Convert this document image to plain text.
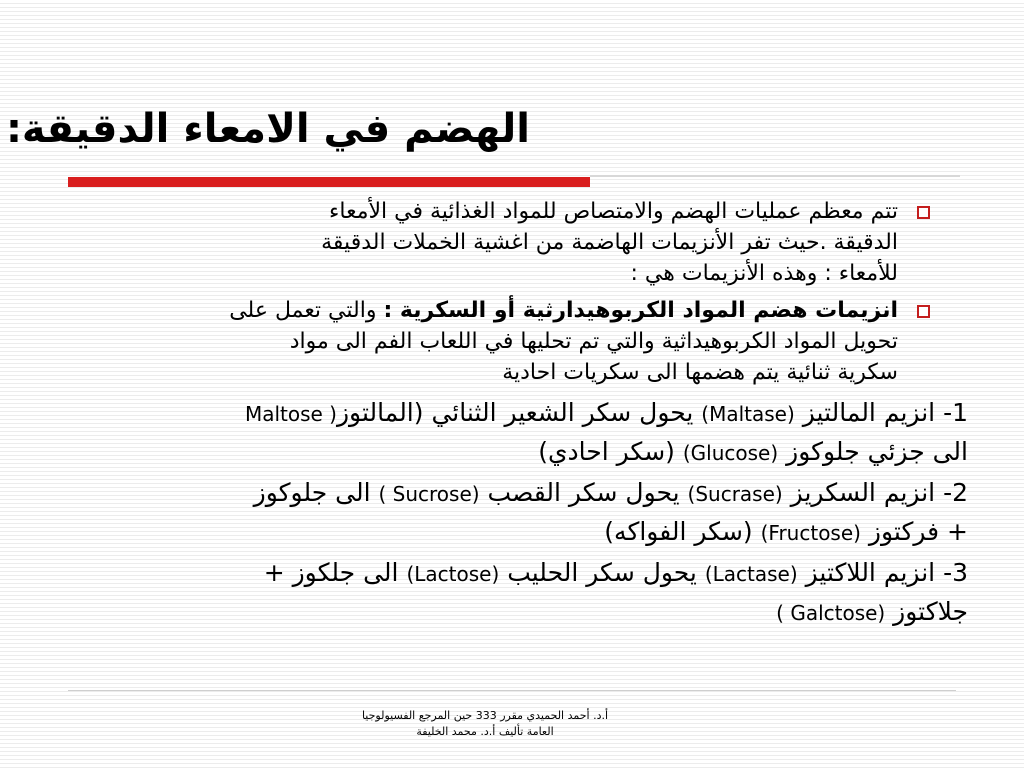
الهضم في الامعاء الدقيقة:
تتم معظم عمليات الهضم والامتصاص للمواد الغذائية في الأمعاء
الدقيقة .حيث تفر الأنزيمات الهاضمة من اغشية الخملات الدقيقة
للأمعاء : وهذه الأنزيمات هي :
انزيمات هضم المواد الكربوهيدارثية أو السكرية : والتي تعمل على
تحويل المواد الكربوهيداثية والتي تم تحليها في اللعاب الفم الى مواد
سكرية ثنائية يتم هضمها الى سكريات احادية
1- انزيم المالتيز (Maltase) يحول سكر الشعير الثنائي (المالتوزMaltose )
الى جزئي جلوكوز (Glucose) (سكر احادي)
2- انزيم السكريز (Sucrase) يحول سكر القصب ( Sucrose) الى جلوكوز
+ فركتوز (Fructose) (سكر الفواكه)
3- انزيم اللاكتيز (Lactase) يحول سكر الحليب (Lactose) الى جلكوز +
جلاكتوز ( Galctose)
أ.د. أحمد الحميدي مقرر 333 حين المرجع الفسيولوجيا
العامة تأليف أ.د. محمد الخليفة
